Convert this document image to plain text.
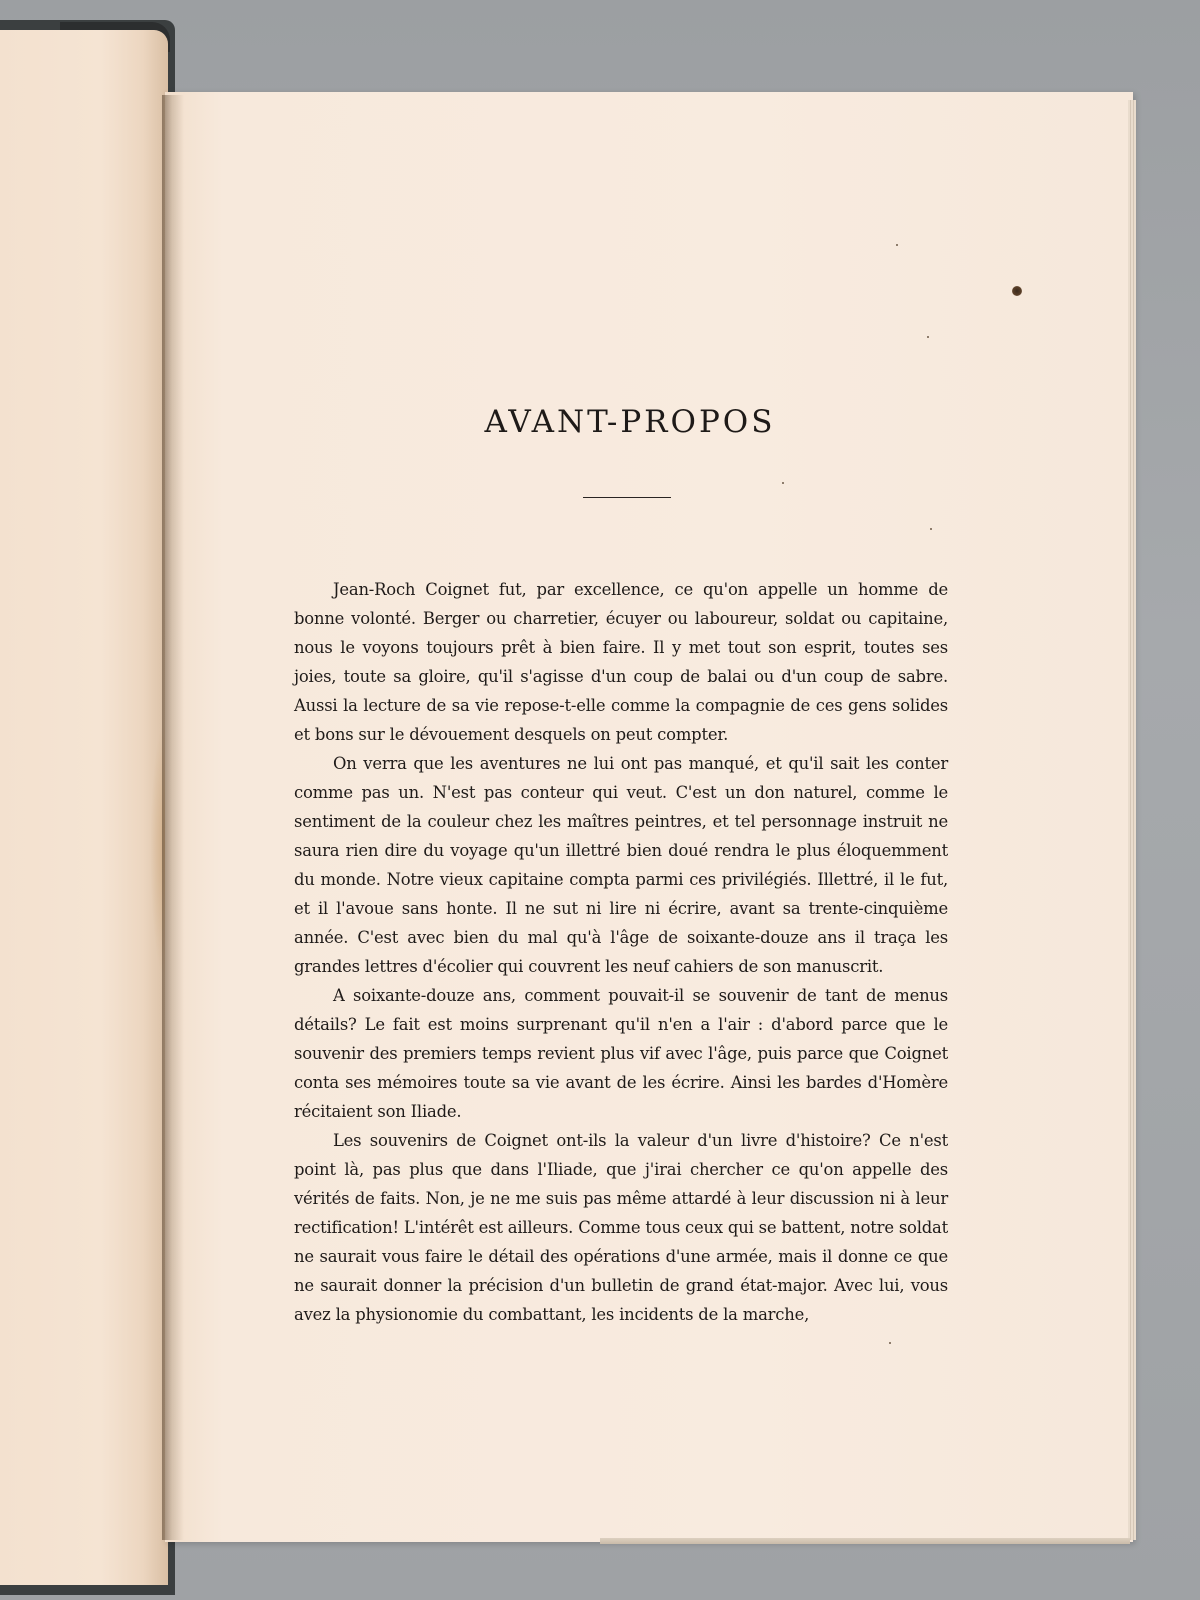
AVANT-PROPOS

Jean-Roch Coignet fut, par excellence, ce qu'on appelle un homme de bonne volonté. Berger ou charretier, écuyer ou laboureur, soldat ou capitaine, nous le voyons toujours prêt à bien faire. Il y met tout son esprit, toutes ses joies, toute sa gloire, qu'il s'agisse d'un coup de balai ou d'un coup de sabre. Aussi la lecture de sa vie repose-t-elle comme la compagnie de ces gens solides et bons sur le dévouement desquels on peut compter.

On verra que les aventures ne lui ont pas manqué, et qu'il sait les conter comme pas un. N'est pas conteur qui veut. C'est un don naturel, comme le sentiment de la couleur chez les maîtres peintres, et tel personnage instruit ne saura rien dire du voyage qu'un illettré bien doué rendra le plus éloquemment du monde. Notre vieux capitaine compta parmi ces privilégiés. Illettré, il le fut, et il l'avoue sans honte. Il ne sut ni lire ni écrire, avant sa trente-cinquième année. C'est avec bien du mal qu'à l'âge de soixante-douze ans il traça les grandes lettres d'écolier qui couvrent les neuf cahiers de son manuscrit.

A soixante-douze ans, comment pouvait-il se souvenir de tant de menus détails? Le fait est moins surprenant qu'il n'en a l'air : d'abord parce que le souvenir des premiers temps revient plus vif avec l'âge, puis parce que Coignet conta ses mémoires toute sa vie avant de les écrire. Ainsi les bardes d'Homère récitaient son Iliade.

Les souvenirs de Coignet ont-ils la valeur d'un livre d'histoire? Ce n'est point là, pas plus que dans l'Iliade, que j'irai chercher ce qu'on appelle des vérités de faits. Non, je ne me suis pas même attardé à leur discussion ni à leur rectification! L'intérêt est ailleurs. Comme tous ceux qui se battent, notre soldat ne saurait vous faire le détail des opérations d'une armée, mais il donne ce que ne saurait donner la précision d'un bulletin de grand état-major. Avec lui, vous avez la physionomie du combattant, les incidents de la marche,
